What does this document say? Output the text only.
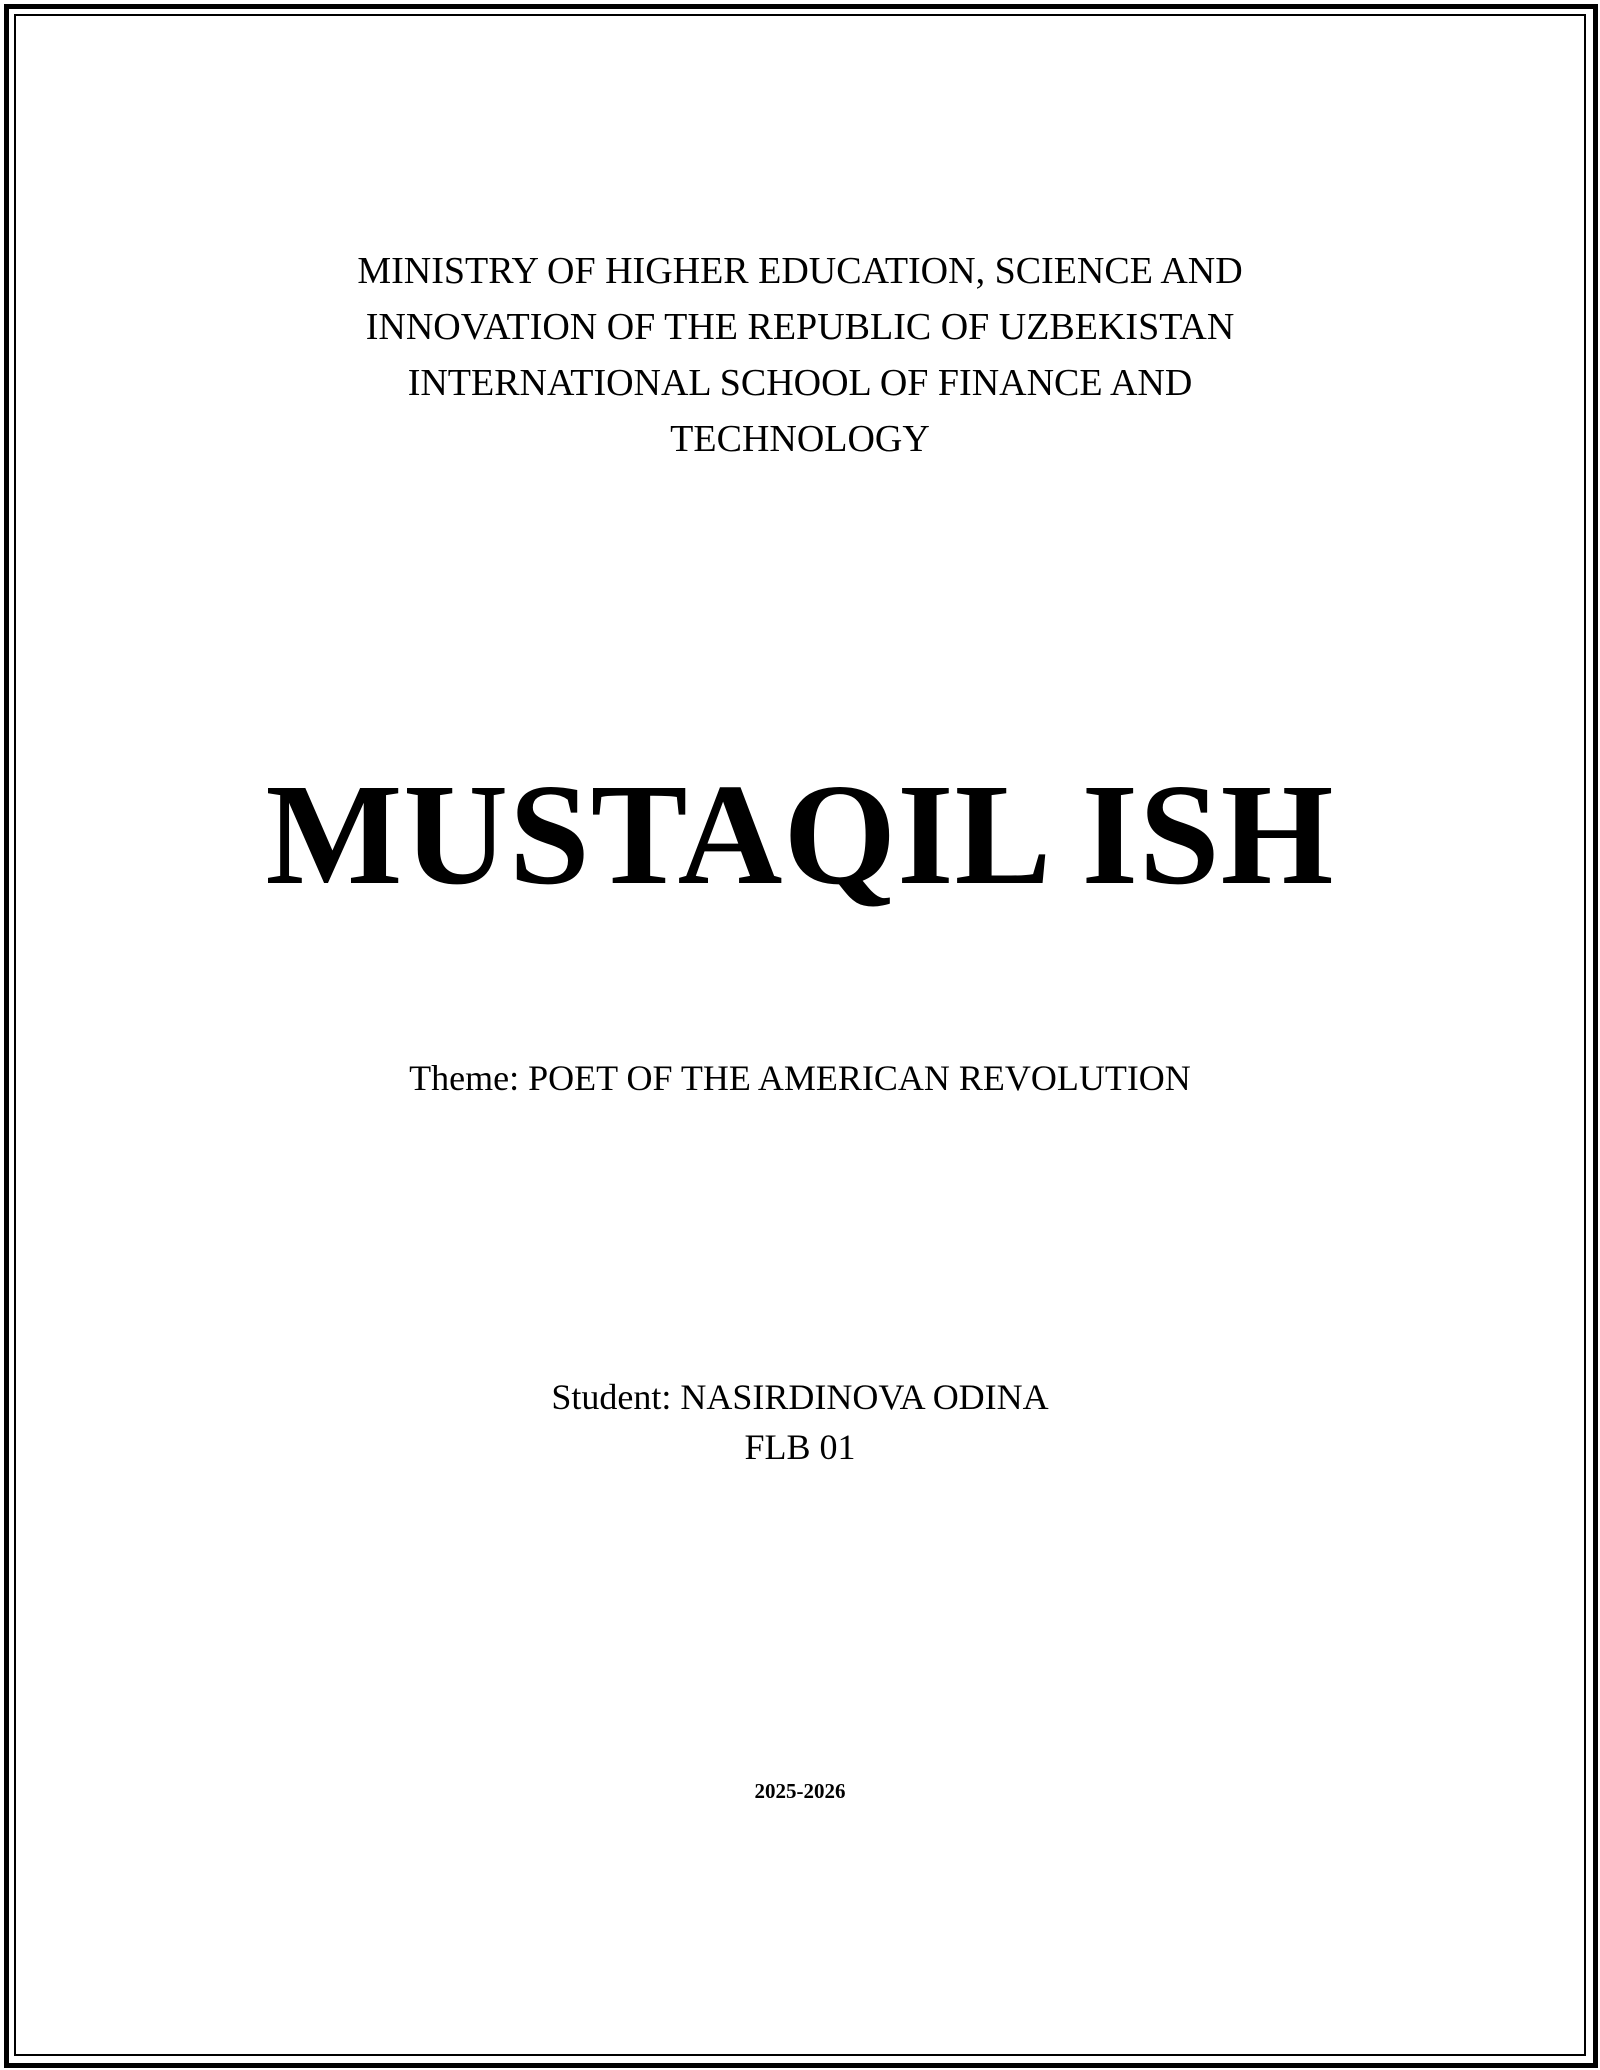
MINISTRY OF HIGHER EDUCATION, SCIENCE AND
INNOVATION OF THE REPUBLIC OF UZBEKISTAN
INTERNATIONAL SCHOOL OF FINANCE AND
TECHNOLOGY
MUSTAQIL ISH
Theme: POET OF THE AMERICAN REVOLUTION
Student: NASIRDINOVA ODINA
FLB 01
2025-2026
